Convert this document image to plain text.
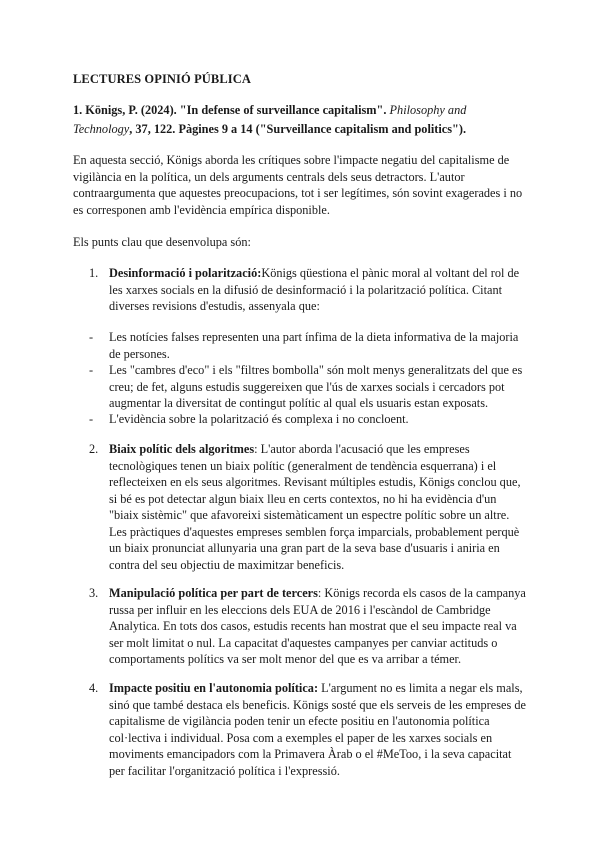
LECTURES OPINIÓ PÚBLICA
1. Königs, P. (2024). "In defense of surveillance capitalism". Philosophy and Technology, 37, 122. Pàgines 9 a 14 ("Surveillance capitalism and politics").

En aquesta secció, Königs aborda les crítiques sobre l'impacte negatiu del capitalisme de vigilància en la política, un dels arguments centrals dels seus detractors. L'autor contraargumenta que aquestes preocupacions, tot i ser legítimes, són sovint exagerades i no es corresponen amb l'evidència empírica disponible.

Els punts clau que desenvolupa són:

1. Desinformació i polarització:Königs qüestiona el pànic moral al voltant del rol de les xarxes socials en la difusió de desinformació i la polarització política. Citant diverses revisions d'estudis, assenyala que:
- Les notícies falses representen una part ínfima de la dieta informativa de la majoria de persones.
- Les "cambres d'eco" i els "filtres bombolla" són molt menys generalitzats del que es creu; de fet, alguns estudis suggereixen que l'ús de xarxes socials i cercadors pot augmentar la diversitat de contingut polític al qual els usuaris estan exposats.
- L'evidència sobre la polarització és complexa i no concloent.
2. Biaix polític dels algoritmes: L'autor aborda l'acusació que les empreses tecnològiques tenen un biaix polític (generalment de tendència esquerrana) i el reflecteixen en els seus algoritmes. Revisant múltiples estudis, Königs conclou que, si bé es pot detectar algun biaix lleu en certs contextos, no hi ha evidència d'un "biaix sistèmic" que afavoreixi sistemàticament un espectre polític sobre un altre. Les pràctiques d'aquestes empreses semblen força imparcials, probablement perquè un biaix pronunciat allunyaria una gran part de la seva base d'usuaris i aniria en contra del seu objectiu de maximitzar beneficis.
3. Manipulació política per part de tercers: Königs recorda els casos de la campanya russa per influir en les eleccions dels EUA de 2016 i l'escàndol de Cambridge Analytica. En tots dos casos, estudis recents han mostrat que el seu impacte real va ser molt limitat o nul. La capacitat d'aquestes campanyes per canviar actituds o comportaments polítics va ser molt menor del que es va arribar a témer.
4. Impacte positiu en l'autonomia política: L'argument no es limita a negar els mals, sinó que també destaca els beneficis. Königs sosté que els serveis de les empreses de capitalisme de vigilància poden tenir un efecte positiu en l'autonomia política col·lectiva i individual. Posa com a exemples el paper de les xarxes socials en moviments emancipadors com la Primavera Àrab o el #MeToo, i la seva capacitat per facilitar l'organització política i l'expressió.
